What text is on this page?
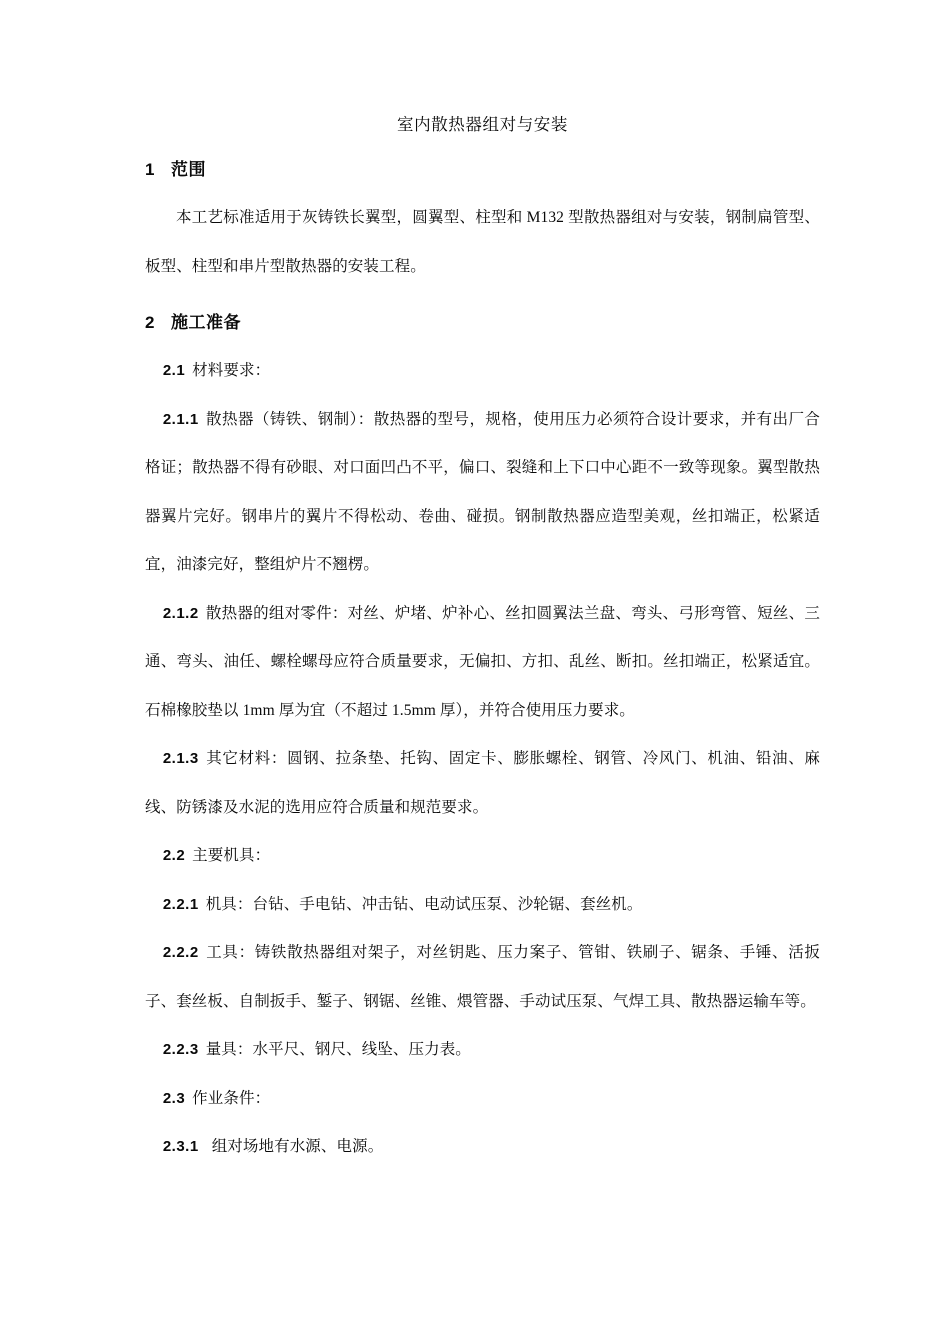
室内散热器组对与安装
1 范围

本工艺标准适用于灰铸铁长翼型，圆翼型、柱型和 M132 型散热器组对与安装，钢制扁管型、板型、柱型和串片型散热器的安装工程。

2 施工准备

2.1 材料要求：

2.1.1 散热器（铸铁、钢制）：散热器的型号，规格，使用压力必须符合设计要求，并有出厂合格证；散热器不得有砂眼、对口面凹凸不平，偏口、裂缝和上下口中心距不一致等现象。翼型散热器翼片完好。钢串片的翼片不得松动、卷曲、碰损。钢制散热器应造型美观，丝扣端正，松紧适宜，油漆完好，整组炉片不翘楞。

2.1.2 散热器的组对零件：对丝、炉堵、炉补心、丝扣圆翼法兰盘、弯头、弓形弯管、短丝、三通、弯头、油任、螺栓螺母应符合质量要求，无偏扣、方扣、乱丝、断扣。丝扣端正，松紧适宜。石棉橡胶垫以 1mm 厚为宜（不超过 1.5mm 厚），并符合使用压力要求。

2.1.3 其它材料：圆钢、拉条垫、托钩、固定卡、膨胀螺栓、钢管、冷风门、机油、铅油、麻线、防锈漆及水泥的选用应符合质量和规范要求。

2.2 主要机具：

2.2.1 机具：台钻、手电钻、冲击钻、电动试压泵、沙轮锯、套丝机。

2.2.2 工具：铸铁散热器组对架子，对丝钥匙、压力案子、管钳、铁刷子、锯条、手锤、活扳子、套丝板、自制扳手、錾子、钢锯、丝锥、煨管器、手动试压泵、气焊工具、散热器运输车等。

2.2.3 量具：水平尺、钢尺、线坠、压力表。

2.3 作业条件：

2.3.1 组对场地有水源、电源。
